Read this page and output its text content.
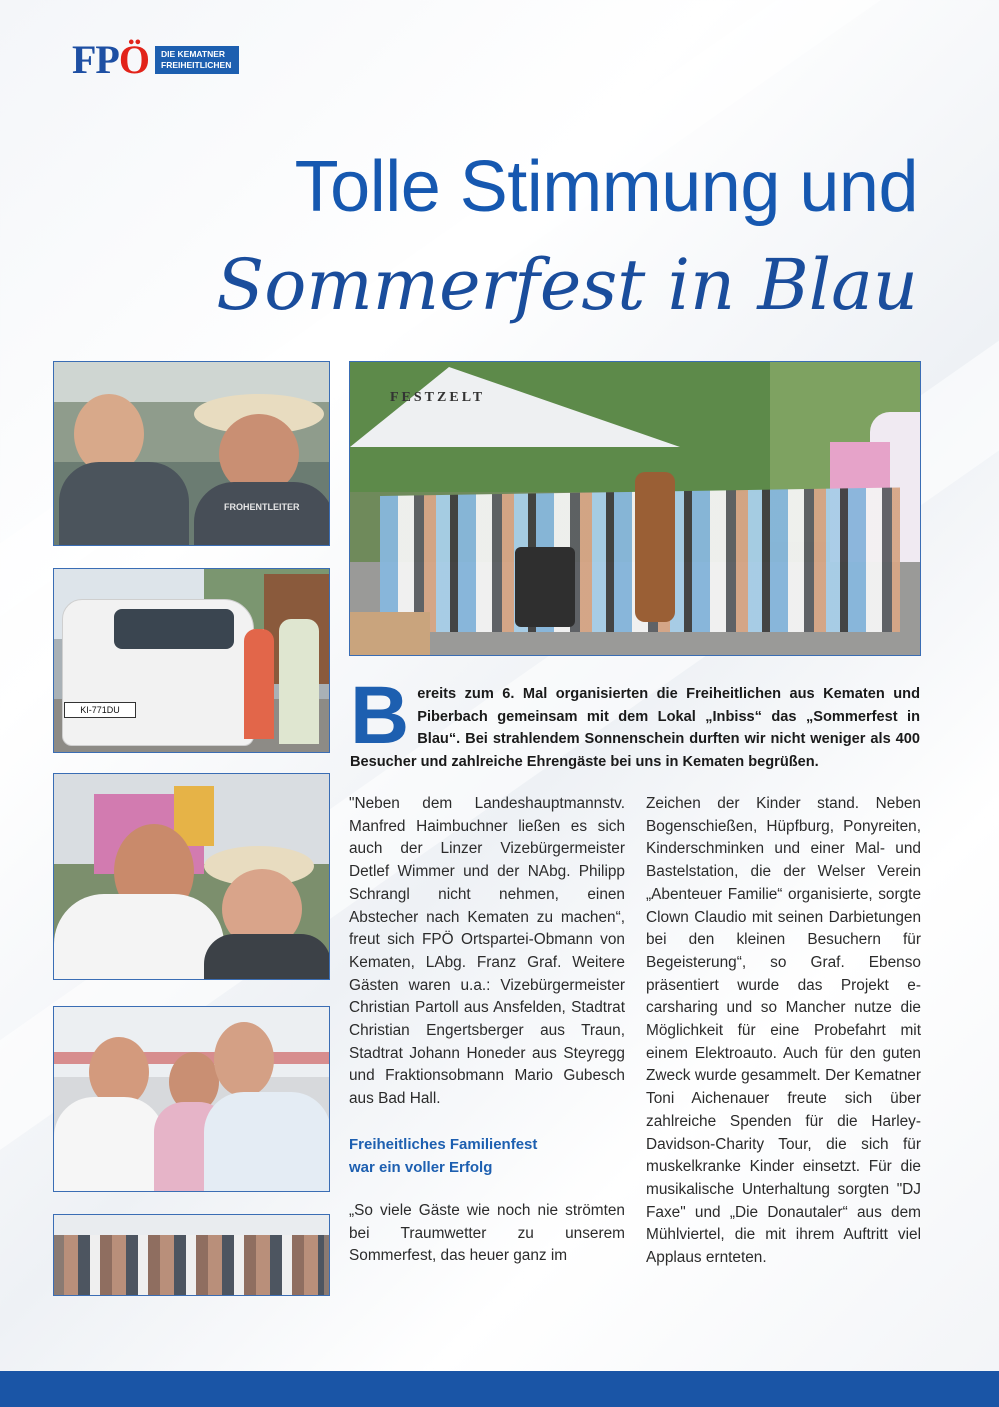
FPÖ DIE KEMATNER
FREIHEITLICHEN
Tolle Stimmung und
Sommerfest in Blau
FROHENTLEITER
KI-771DU
FESTZELT
Bereits zum 6. Mal organisierten die Freiheitlichen aus Kematen und Piberbach gemeinsam mit dem Lokal „Inbiss“ das „Sommerfest in Blau“. Bei strahlendem Sonnenschein durften wir nicht weniger als 400 Besucher und zahlreiche Ehrengäste bei uns in Kematen begrüßen.

"Neben dem Landeshauptmannstv. Manfred Haimbuchner ließen es sich auch der Linzer Vizebürgermeister Detlef Wimmer und der NAbg. Philipp Schrangl nicht nehmen, einen Abstecher nach Kematen zu machen“, freut sich FPÖ Ortspartei-Obmann von Kematen, LAbg. Franz Graf. Weitere Gästen waren u.a.: Vizebürgermeister Christian Partoll aus Ansfelden, Stadtrat Christian Engertsberger aus Traun, Stadtrat Johann Honeder aus Steyregg und Fraktionsobmann Mario Gubesch aus Bad Hall.

Freiheitliches Familienfest
war ein voller Erfolg

„So viele Gäste wie noch nie strömten bei Traumwetter zu unserem Sommerfest, das heuer ganz im

Zeichen der Kinder stand. Neben Bogenschießen, Hüpfburg, Ponyreiten, Kinderschminken und einer Mal- und Bastelstation, die der Welser Verein „Abenteuer Familie“ organisierte, sorgte Clown Claudio mit seinen Darbietungen bei den kleinen Besuchern für Begeisterung“, so Graf. Ebenso präsentiert wurde das Projekt e-carsharing und so Mancher nutze die Möglichkeit für eine Probefahrt mit einem Elektroauto. Auch für den guten Zweck wurde gesammelt. Der Kematner Toni Aichenauer freute sich über zahlreiche Spenden für die Harley-Davidson-Charity Tour, die sich für muskelkranke Kinder einsetzt. Für die musikalische Unterhaltung sorgten "DJ Faxe" und „Die Donautaler“ aus dem Mühlviertel, die mit ihrem Auftritt viel Applaus ernteten.
